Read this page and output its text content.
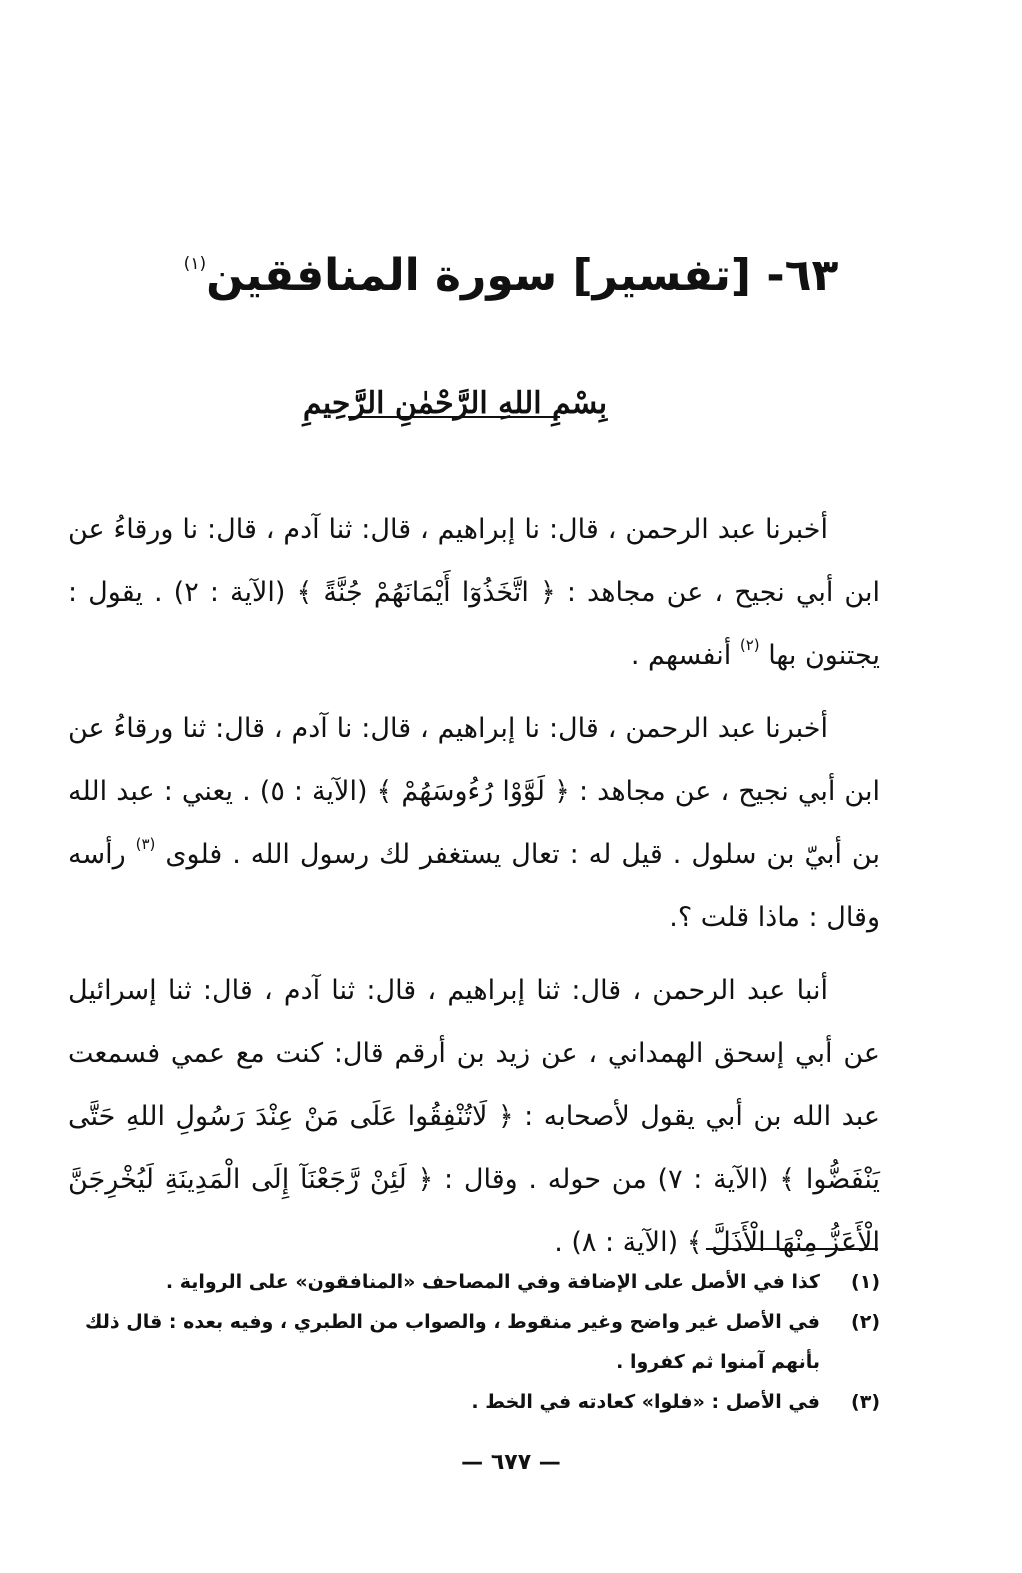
٦٣- [تفسير] سورة المنافقين$^{(١)}$
بِسْمِ اللهِ الرَّحْمٰنِ الرَّحِيمِ

أخبرنا عبد الرحمن ، قال: نا إبراهيم ، قال: ثنا آدم ، قال: نا ورقاءُ عن ابن أبي نجيح ، عن مجاهد : ﴿ اتَّخَذُوٓا أَيْمَانَهُمْ جُنَّةً ﴾ (الآية : ٢) . يقول : يجتنون بها $^{(٢)}$ أنفسهم .

أخبرنا عبد الرحمن ، قال: نا إبراهيم ، قال: نا آدم ، قال: ثنا ورقاءُ عن ابن أبي نجيح ، عن مجاهد : ﴿ لَوَّوْا رُءُوسَهُمْ ﴾ (الآية : ٥) . يعني : عبد الله بن أبيّ بن سلول . قيل له : تعال يستغفر لك رسول الله . فلوى $^{(٣)}$ رأسه وقال : ماذا قلت ؟.

أنبا عبد الرحمن ، قال: ثنا إبراهيم ، قال: ثنا آدم ، قال: ثنا إسرائيل عن أبي إسحق الهمداني ، عن زيد بن أرقم قال: كنت مع عمي فسمعت عبد الله بن أبي يقول لأصحابه : ﴿ لَاتُنْفِقُوا عَلَى مَنْ عِنْدَ رَسُولِ اللهِ حَتَّى يَنْفَضُّوا ﴾ (الآية : ٧) من حوله . وقال : ﴿ لَئِنْ رَّجَعْنَآ إِلَى الْمَدِينَةِ لَيُخْرِجَنَّ الْأَعَزُّ مِنْهَا الْأَذَلَّ ﴾ (الآية : ٨) .

(١)
كذا في الأصل على الإضافة وفي المصاحف «المنافقون» على الرواية .
(٢)
في الأصل غير واضح وغير منقوط ، والصواب من الطبري ، وفيه بعده : قال ذلك بأنهم آمنوا ثم كفروا .
(٣)
في الأصل : «فلوا» كعادته في الخط .
— ٦٧٧ —
